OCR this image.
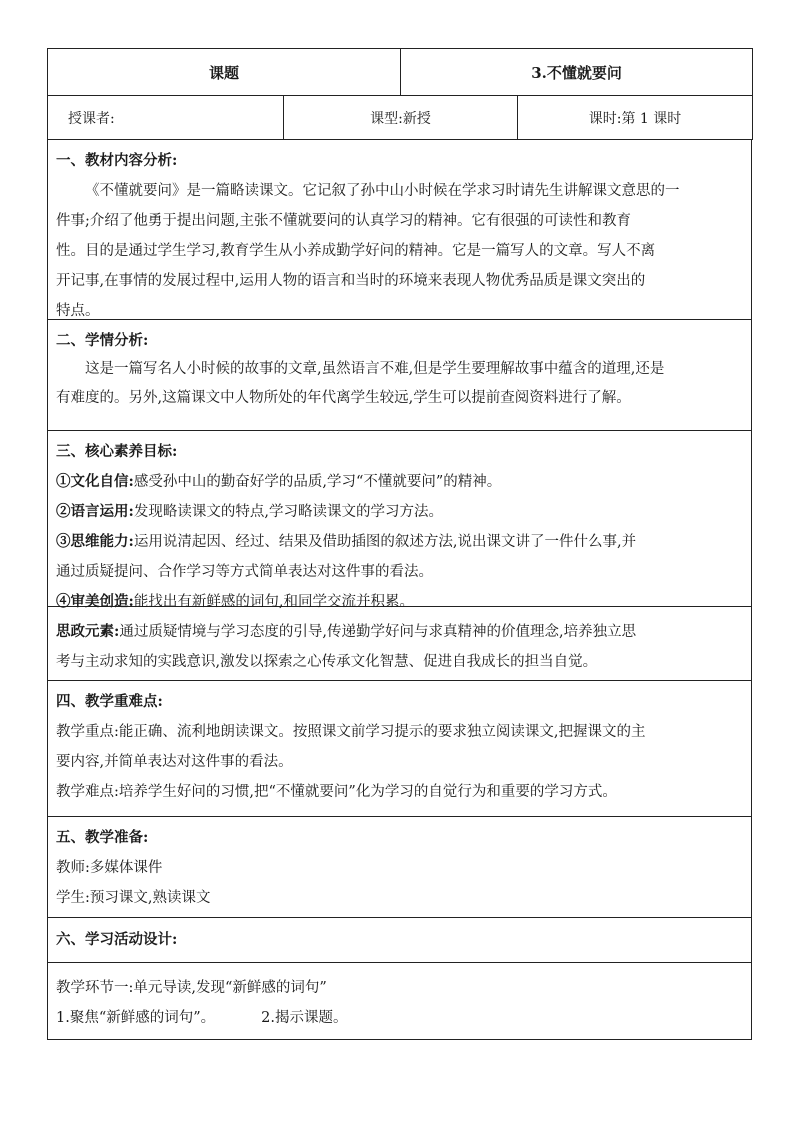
课题		3.不懂就要问	
授课者:	课型:新授		课时:第 1 课时
一、教材内容分析:
《不懂就要问》是一篇略读课文。它记叙了孙中山小时候在学求习时请先生讲解课文意思的一
件事;介绍了他勇于提出问题,主张不懂就要问的认真学习的精神。它有很强的可读性和教育
性。目的是通过学生学习,教育学生从小养成勤学好问的精神。它是一篇写人的文章。写人不离
开记事,在事情的发展过程中,运用人物的语言和当时的环境来表现人物优秀品质是课文突出的
特点。
二、学情分析:
这是一篇写名人小时候的故事的文章,虽然语言不难,但是学生要理解故事中蕴含的道理,还是
有难度的。另外,这篇课文中人物所处的年代离学生较远,学生可以提前查阅资料进行了解。
三、核心素养目标:
①文化自信:感受孙中山的勤奋好学的品质,学习“不懂就要问”的精神。
②语言运用:发现略读课文的特点,学习略读课文的学习方法。
③思维能力:运用说清起因、经过、结果及借助插图的叙述方法,说出课文讲了一件什么事,并
通过质疑提问、合作学习等方式简单表达对这件事的看法。
④审美创造:能找出有新鲜感的词句,和同学交流并积累。
思政元素:通过质疑情境与学习态度的引导,传递勤学好问与求真精神的价值理念,培养独立思
考与主动求知的实践意识,激发以探索之心传承文化智慧、促进自我成长的担当自觉。
四、教学重难点:
教学重点:能正确、流利地朗读课文。按照课文前学习提示的要求独立阅读课文,把握课文的主
要内容,并简单表达对这件事的看法。
教学难点:培养学生好问的习惯,把“不懂就要问”化为学习的自觉行为和重要的学习方式。
五、教学准备:
教师:多媒体课件
学生:预习课文,熟读课文
六、学习活动设计:
教学环节一:单元导读,发现“新鲜感的词句”
1.聚焦“新鲜感的词句”。	2.揭示课题。
